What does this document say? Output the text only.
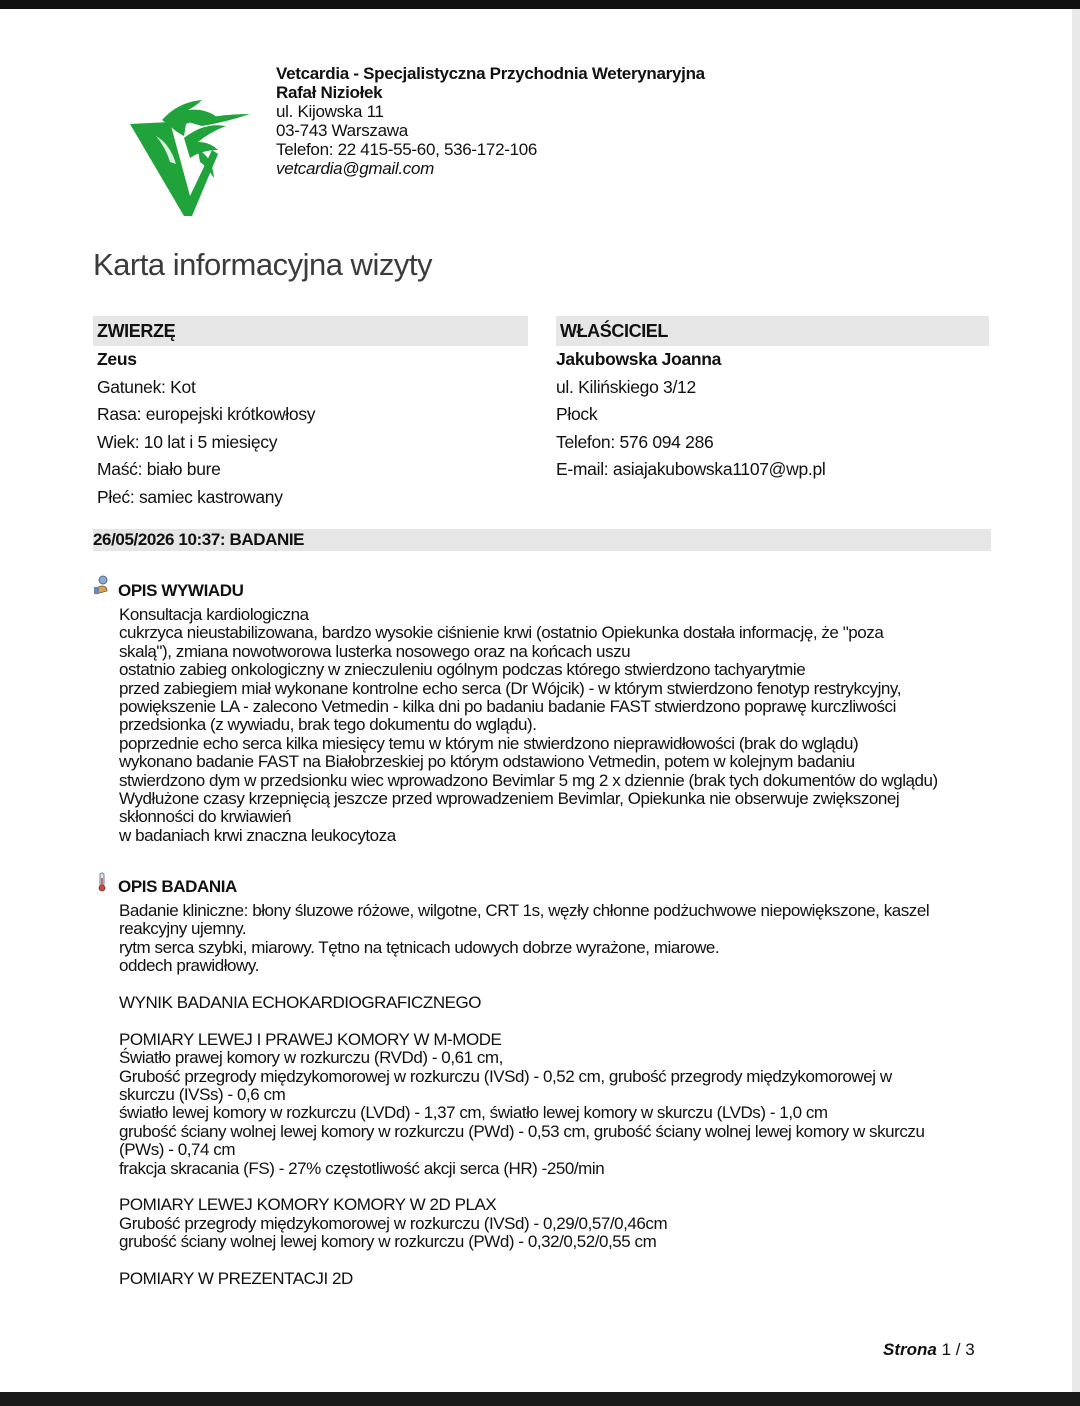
Vetcardia - Specjalistyczna Przychodnia Weterynaryjna
Rafał Niziołek
ul. Kijowska 11
03-743 Warszawa
Telefon: 22 415-55-60, 536-172-106
vetcardia@gmail.com
Karta informacyjna wizyty
ZWIERZĘ	WŁAŚCICIEL
Zeus
Gatunek: Kot
Rasa: europejski krótkowłosy
Wiek: 10 lat i 5 miesięcy
Maść: biało bure
Płeć: samiec kastrowany
Jakubowska Joanna
ul. Kilińskiego 3/12
Płock
Telefon: 576 094 286
E-mail: asiajakubowska1107@wp.pl
26/05/2026 10:37: BADANIE
OPIS WYWIADU
Konsultacja kardiologiczna
cukrzyca nieustabilizowana, bardzo wysokie ciśnienie krwi (ostatnio Opiekunka dostała informację, że "poza
skalą"), zmiana nowotworowa lusterka nosowego oraz na końcach uszu
ostatnio zabieg onkologiczny w znieczuleniu ogólnym podczas którego stwierdzono tachyarytmie
przed zabiegiem miał wykonane kontrolne echo serca (Dr Wójcik) - w którym stwierdzono fenotyp restrykcyjny,
powiększenie LA - zalecono Vetmedin - kilka dni po badaniu badanie FAST stwierdzono poprawę kurczliwości
przedsionka (z wywiadu, brak tego dokumentu do wglądu).
poprzednie echo serca kilka miesięcy temu w którym nie stwierdzono nieprawidłowości (brak do wglądu)
wykonano badanie FAST na Białobrzeskiej po którym odstawiono Vetmedin, potem w kolejnym badaniu
stwierdzono dym w przedsionku wiec wprowadzono Bevimlar 5 mg 2 x dziennie (brak tych dokumentów do wglądu)
Wydłużone czasy krzepnięcią jeszcze przed wprowadzeniem Bevimlar, Opiekunka nie obserwuje zwiększonej
skłonności do krwiawień
w badaniach krwi znaczna leukocytoza
OPIS BADANIA
Badanie kliniczne: błony śluzowe różowe, wilgotne, CRT 1s, węzły chłonne podżuchwowe niepowiększone, kaszel
reakcyjny ujemny.
rytm serca szybki, miarowy. Tętno na tętnicach udowych dobrze wyrażone, miarowe.
oddech prawidłowy.
WYNIK BADANIA ECHOKARDIOGRAFICZNEGO
POMIARY LEWEJ I PRAWEJ KOMORY W M-MODE
Światło prawej komory w rozkurczu (RVDd) - 0,61 cm,
Grubość przegrody międzykomorowej w rozkurczu (IVSd) - 0,52 cm, grubość przegrody międzykomorowej w
skurczu (IVSs) - 0,6 cm
światło lewej komory w rozkurczu (LVDd) - 1,37 cm, światło lewej komory w skurczu (LVDs) - 1,0 cm
grubość ściany wolnej lewej komory w rozkurczu (PWd) - 0,53 cm, grubość ściany wolnej lewej komory w skurczu
(PWs) - 0,74 cm
frakcja skracania (FS) - 27% częstotliwość akcji serca (HR) -250/min
POMIARY LEWEJ KOMORY KOMORY W 2D PLAX
Grubość przegrody międzykomorowej w rozkurczu (IVSd) - 0,29/0,57/0,46cm
grubość ściany wolnej lewej komory w rozkurczu (PWd) - 0,32/0,52/0,55 cm
POMIARY W PREZENTACJI 2D
Strona 1 / 3
